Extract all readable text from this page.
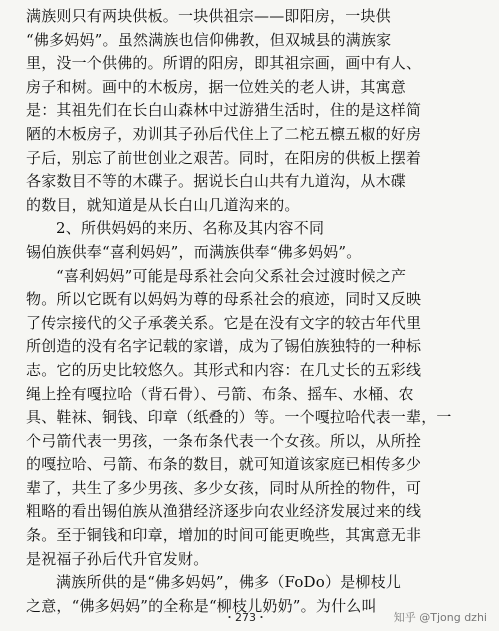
满族则只有两块供板。一块供祖宗——即阳房，一块供
“佛多妈妈”。虽然满族也信仰佛教，但双城县的满族家
里，没一个供佛的。所谓的阳房，即其祖宗画，画中有人、
房子和树。画中的木板房，据一位姓关的老人讲，其寓意
是：其祖先们在长白山森林中过游猎生活时，住的是这样简
陋的木板房子，劝训其子孙后代住上了二柁五檩五椒的好房
子后，别忘了前世创业之艰苦。同时，在阳房的供板上摆着
各家数目不等的木碟子。据说长白山共有九道沟，从木碟
的数目，就知道是从长白山几道沟来的。
2、所供妈妈的来历、名称及其内容不同
锡伯族供奉“喜利妈妈”，而满族供奉“佛多妈妈”。
“喜利妈妈”可能是母系社会向父系社会过渡时候之产
物。所以它既有以妈妈为尊的母系社会的痕迹，同时又反映
了传宗接代的父子承袭关系。它是在没有文字的较古年代里
所创造的没有名字记载的家谱，成为了锡伯族独特的一种标
志。它的历史比较悠久。其形式和内容：在几丈长的五彩线
绳上拴有嘎拉哈（背石骨）、弓箭、布条、摇车、水桶、农
具、鞋袜、铜钱、印章（纸叠的）等。一个嘎拉哈代表一辈，一
个弓箭代表一男孩，一条布条代表一个女孩。所以，从所拴
的嘎拉哈、弓箭、布条的数目，就可知道该家庭已相传多少
辈了，共生了多少男孩、多少女孩，同时从所拴的物件，可
粗略的看出锡伯族从渔猎经济逐步向农业经济发展过来的线
条。至于铜钱和印章，增加的时间可能更晚些，其寓意无非
是祝福子孙后代升官发财。
满族所供的是“佛多妈妈”，佛多（FoDo）是柳枝儿
之意，“佛多妈妈”的全称是“柳枝儿奶奶”。为什么叫
・273・	知乎 @Tjong dzhi
